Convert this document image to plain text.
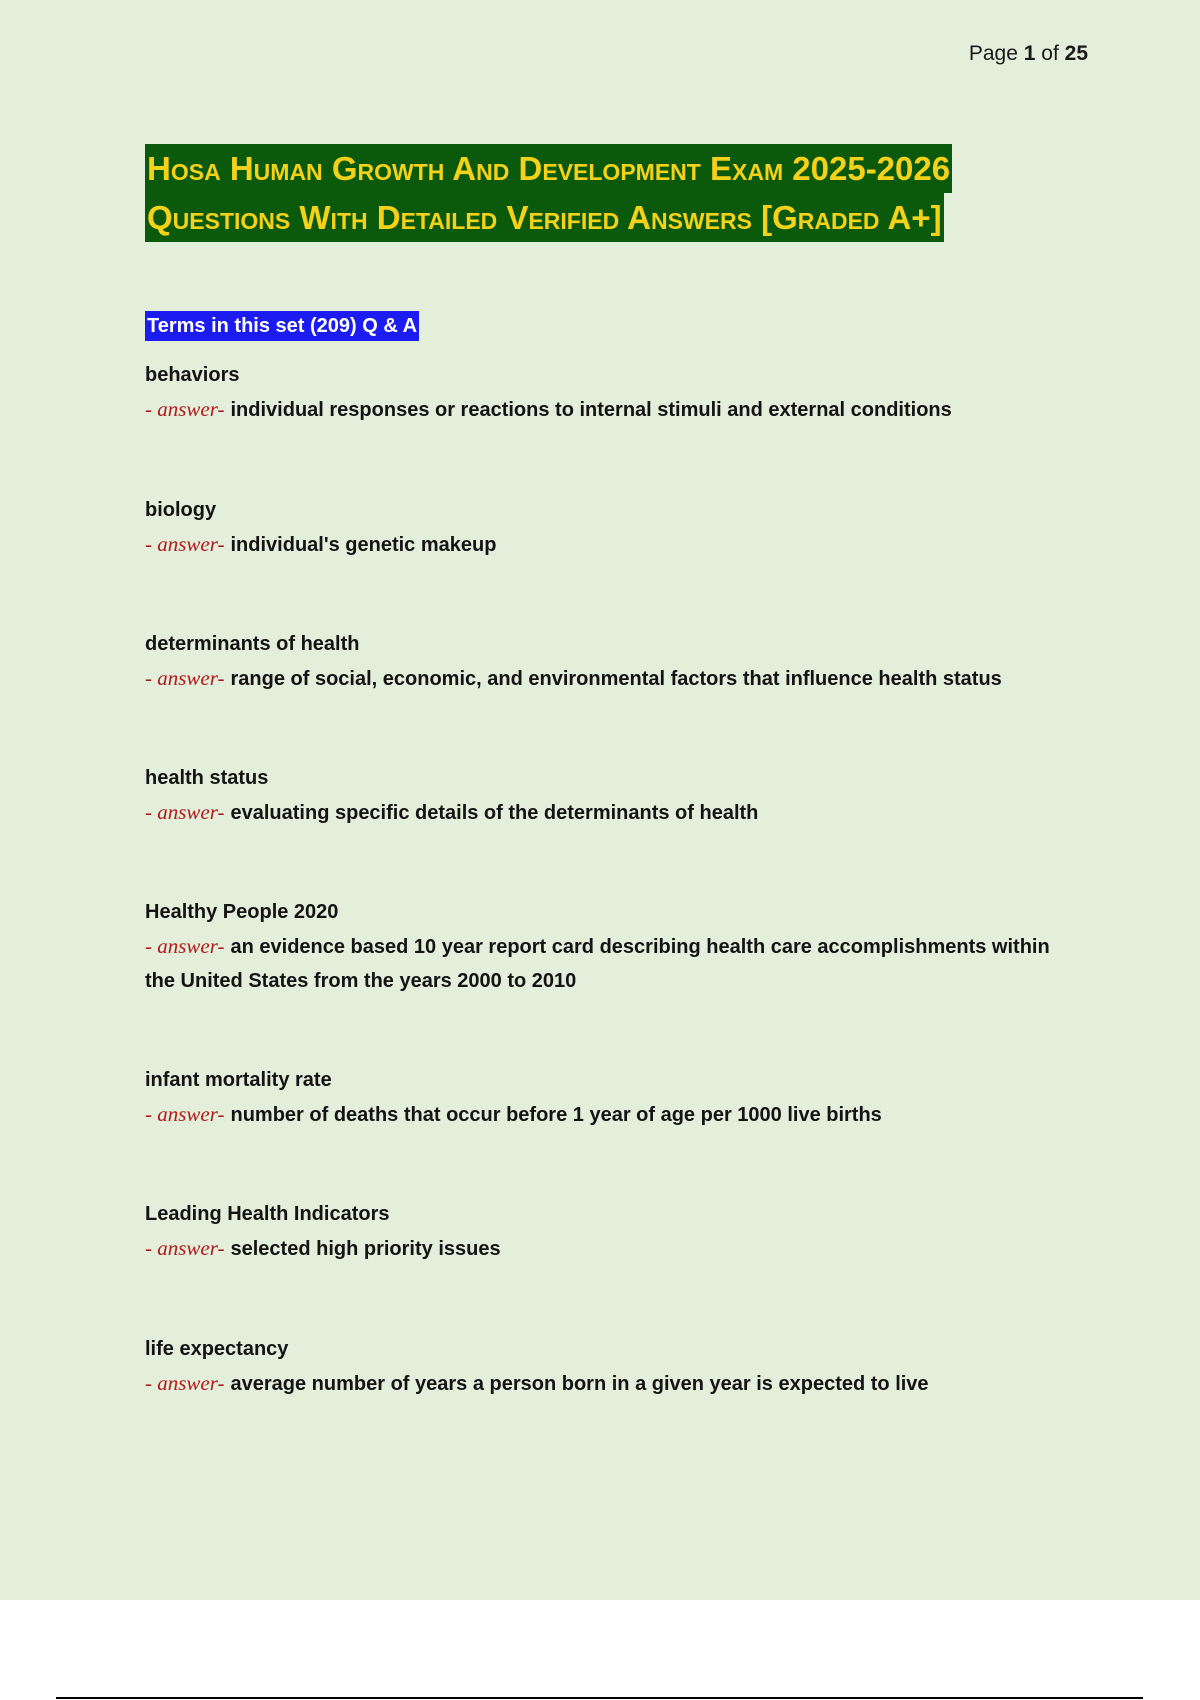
Page 1 of 25
Hosa Human Growth And Development Exam 2025-2026
Questions With Detailed Verified Answers [Graded A+]
Terms in this set (209) Q & A
behaviors
- answer- individual responses or reactions to internal stimuli and external conditions
biology
- answer- individual's genetic makeup
determinants of health
- answer- range of social, economic, and environmental factors that influence health status
health status
- answer- evaluating specific details of the determinants of health
Healthy People 2020
- answer- an evidence based 10 year report card describing health care accomplishments within the United States from the years 2000 to 2010
infant mortality rate
- answer- number of deaths that occur before 1 year of age per 1000 live births
Leading Health Indicators
- answer- selected high priority issues
life expectancy
- answer- average number of years a person born in a given year is expected to live
